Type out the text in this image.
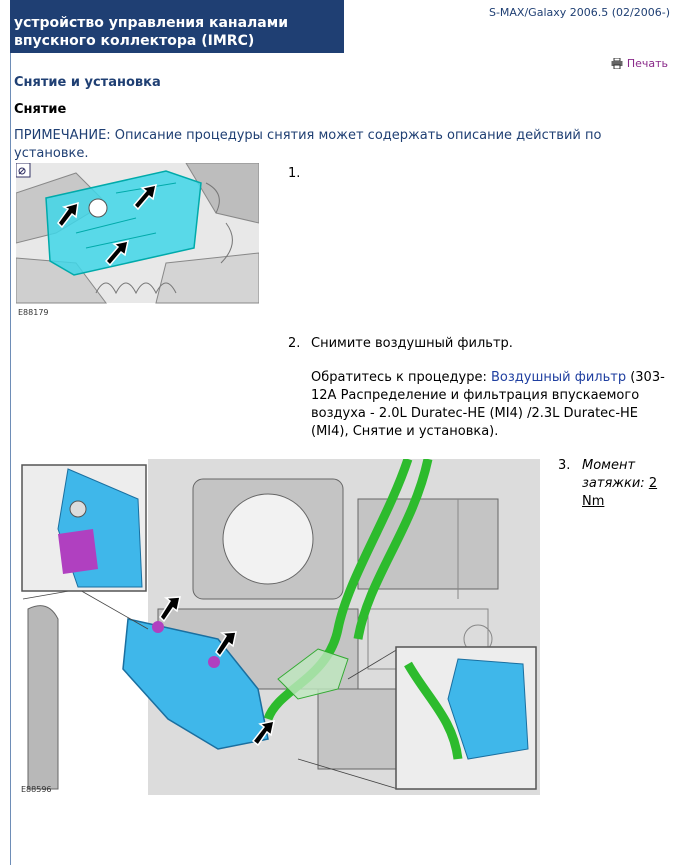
устройство управления каналами
впускного коллектора (IMRC)
S-MAX/Galaxy 2006.5 (02/2006-)
Печать
Снятие и установка
Снятие
ПРИМЕЧАНИЕ: Описание процедуры снятия может содержать описание действий по установке.
E88179
E88596
1.
2. Снимите воздушный фильтр.
Обратитесь к процедуре: Воздушный фильтр (303-12A Распределение и фильтрация впускаемого воздуха - 2.0L Duratec-HE (MI4) /2.3L Duratec-HE (MI4), Снятие и установка).
3. Момент затяжки: 2 Nm
